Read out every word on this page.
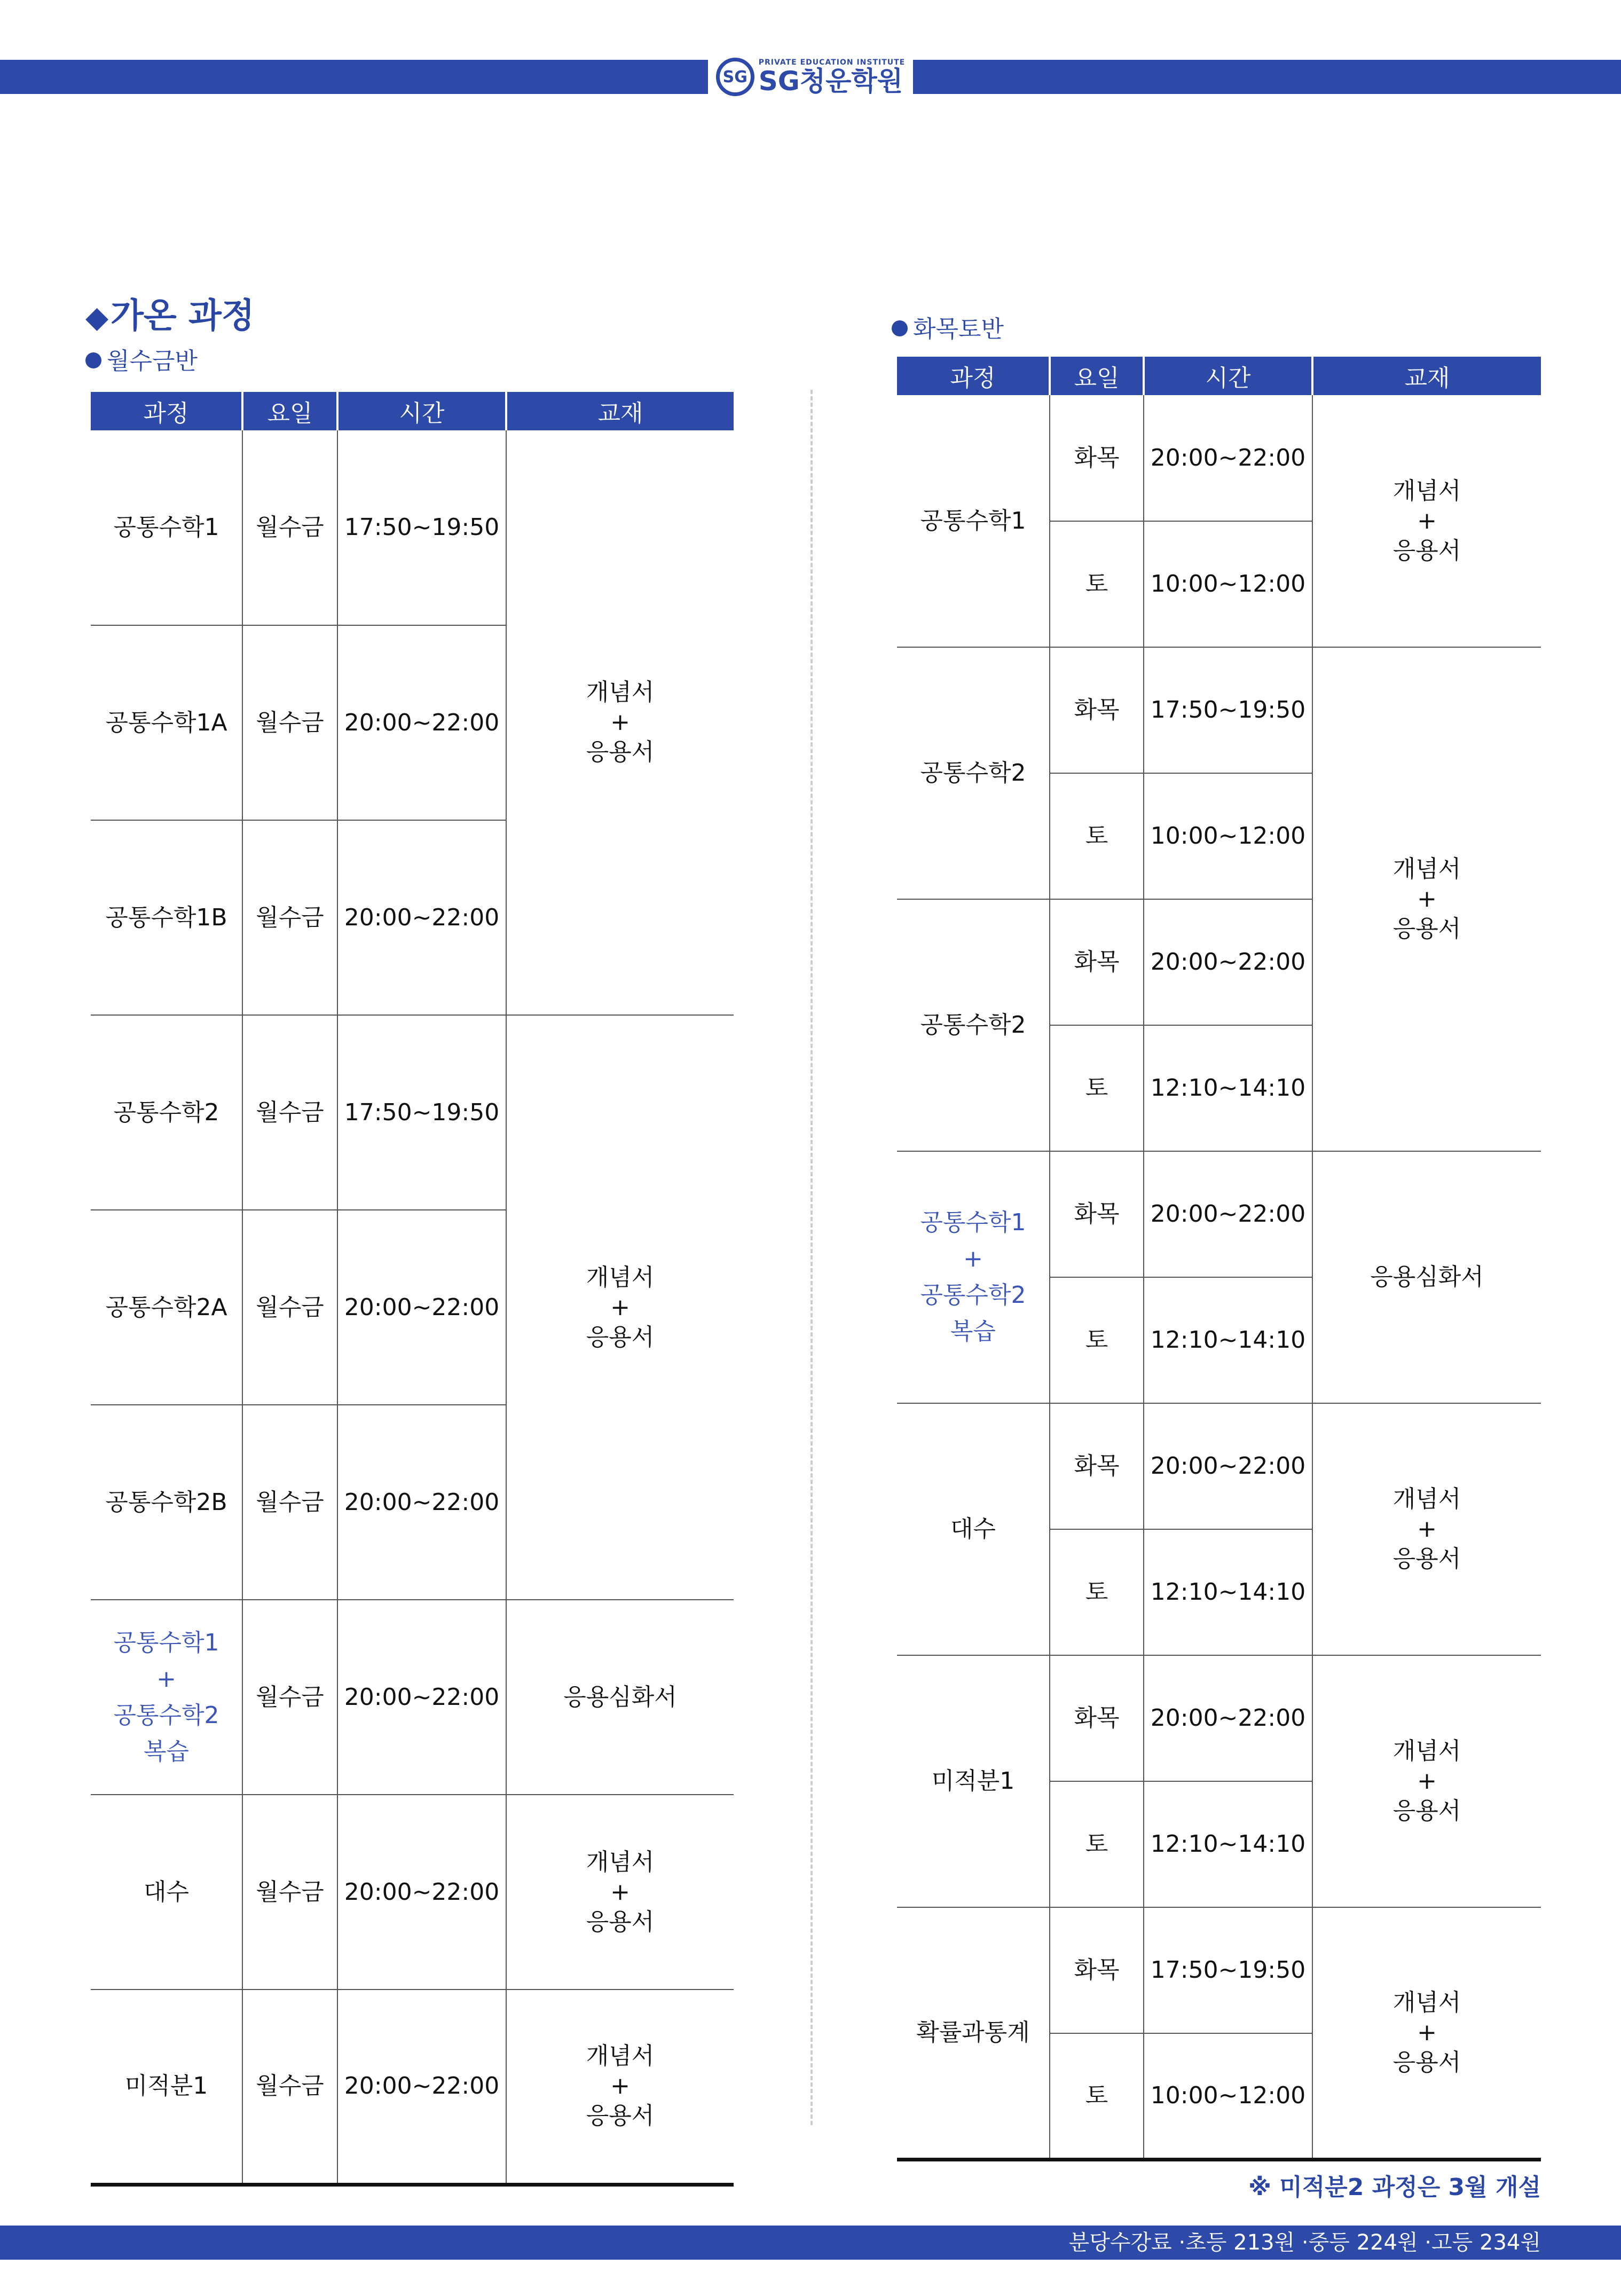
SG
PRIVATE EDUCATION INSTITUTE
SG청운학원
◆가온 과정
월수금반
화목토반
과정	요일	시간	교재
공통수학1	월수금	17:50~19:50	개념서
+
응용서
공통수학1A	월수금	20:00~22:00	
공통수학1B	월수금	20:00~22:00	
공통수학2	월수금	17:50~19:50	개념서
+
응용서
공통수학2A	월수금	20:00~22:00	
공통수학2B	월수금	20:00~22:00	
공통수학1
+
공통수학2
복습	월수금	20:00~22:00	응용심화서
대수	월수금	20:00~22:00	개념서
+
응용서
미적분1	월수금	20:00~22:00	개념서
+
응용서
과정	요일	시간	교재
공통수학1	화목	20:00~22:00	개념서
+
응용서
	토	10:00~12:00	
공통수학2	화목	17:50~19:50	개념서
+
응용서
	토	10:00~12:00	
공통수학2	화목	20:00~22:00	
	토	12:10~14:10	
공통수학1
+
공통수학2
복습	화목	20:00~22:00	응용심화서
	토	12:10~14:10	
대수	화목	20:00~22:00	개념서
+
응용서
	토	12:10~14:10	
미적분1	화목	20:00~22:00	개념서
+
응용서
	토	12:10~14:10	
확률과통계	화목	17:50~19:50	개념서
+
응용서
	토	10:00~12:00	
※ 미적분2 과정은 3월 개설
분당수강료 ·초등 213원 ·중등 224원 ·고등 234원
